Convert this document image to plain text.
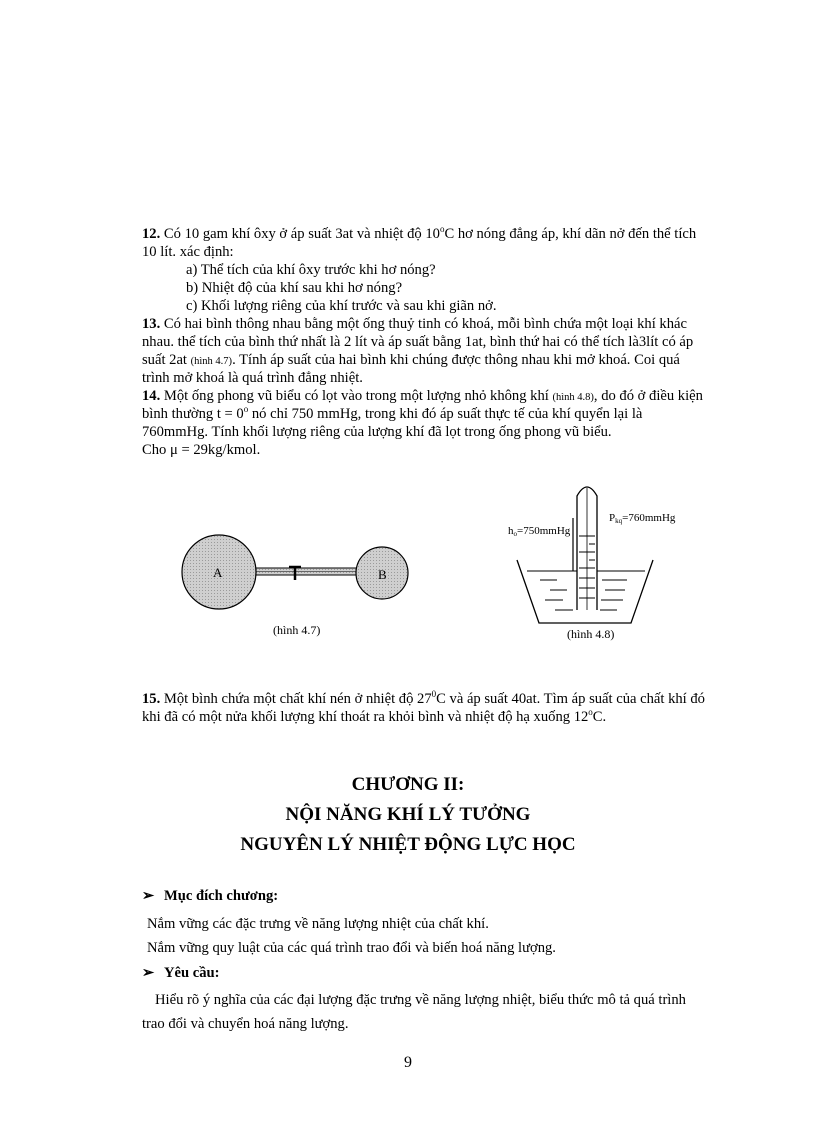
12. Có 10 gam khí ôxy ở áp suất 3at và nhiệt độ 10$^o$C hơ nóng đẳng áp, khí dãn nở đến thể tích
10 lít. xác định:
a) Thể tích của khí ôxy trước khi hơ nóng?
b) Nhiệt độ của khí sau khi hơ nóng?
c) Khối lượng riêng của khí trước và sau khi giãn nở.
13. Có hai bình thông nhau bằng một ống thuỷ tinh có khoá, mỗi bình chứa một loại khí khác
nhau. thể tích của bình thứ nhất là 2 lít và áp suất bằng 1at, bình thứ hai có thể tích là3lít có áp
suất 2at (hình 4.7). Tính áp suất của hai bình khi chúng được thông nhau khi mở khoá. Coi quá
trình mở khoá là quá trình đẳng nhiệt.
14. Một ống phong vũ biểu có lọt vào trong một lượng nhỏ không khí (hình 4.8), do đó ở điều kiện
bình thường $t = 0^o$ nó chỉ 750 mmHg, trong khi đó áp suất thực tế của khí quyển lại là
760mmHg. Tính khối lượng riêng của lượng khí đã lọt trong ống phong vũ biểu.
Cho μ = 29kg/kmol.
A	B
(hình 4.7)
ho=750mmHg
Pkq=760mmHg
(hình 4.8)
15. Một bình chứa một chất khí nén ở nhiệt độ $27^0C$ và áp suất 40at. Tìm áp suất của chất khí đó
khi đã có một nửa khối lượng khí thoát ra khỏi bình và nhiệt độ hạ xuống 12$^o$C.
CHƯƠNG II:
NỘI NĂNG KHÍ LÝ TƯỞNG
NGUYÊN LÝ NHIỆT ĐỘNG LỰC HỌC
➢ Mục đích chương:
Nắm vững các đặc trưng về năng lượng nhiệt của chất khí.
Nắm vững quy luật của các quá trình trao đổi và biến hoá năng lượng.
➢ Yêu cầu:
Hiểu rõ ý nghĩa của các đại lượng đặc trưng về năng lượng nhiệt, biểu thức mô tả quá trình
trao đổi và chuyển hoá năng lượng.
9
